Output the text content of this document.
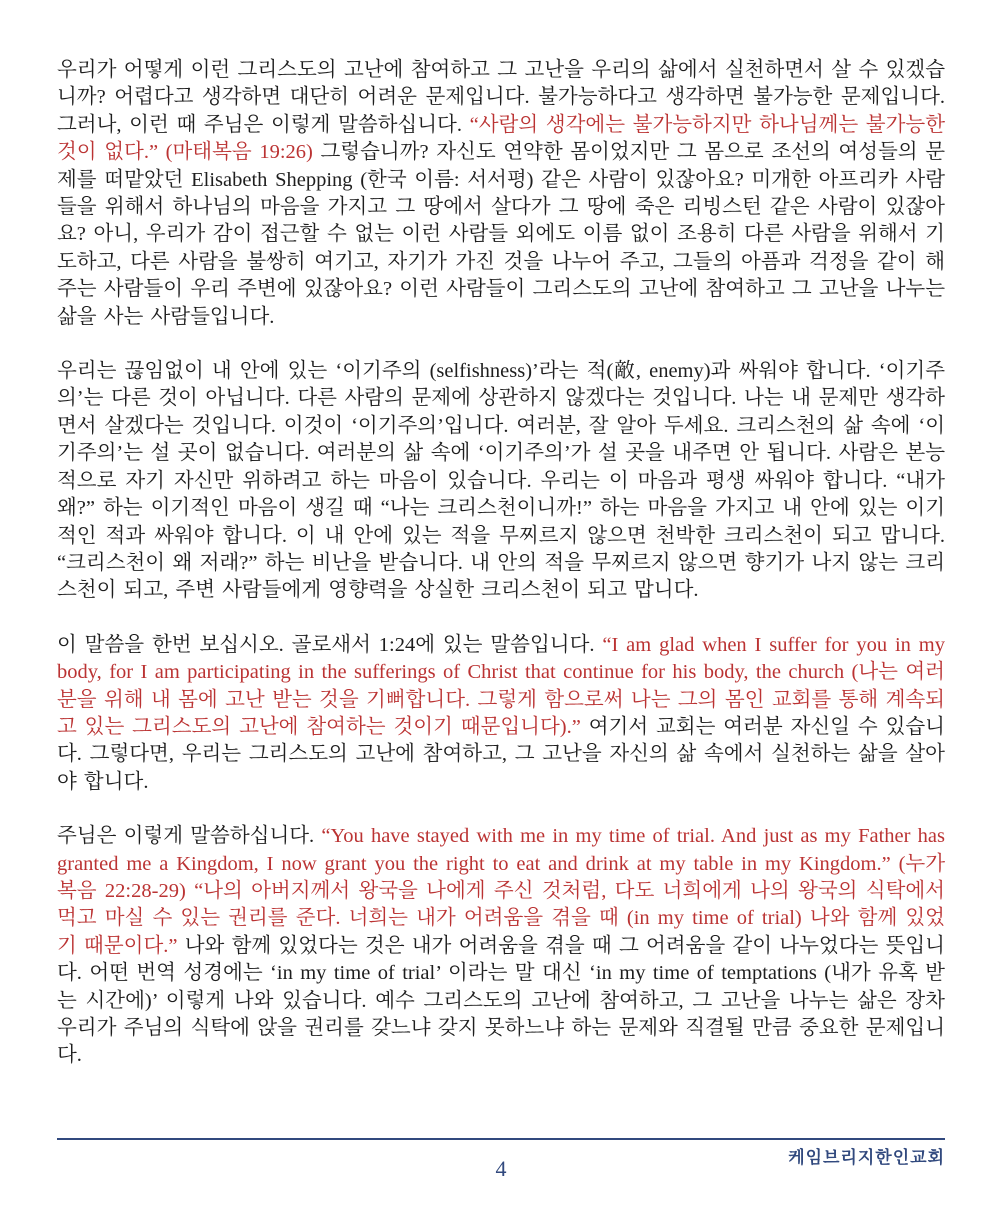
우리가 어떻게 이런 그리스도의 고난에 참여하고 그 고난을 우리의 삶에서 실천하면서 살 수 있겠습니까? 어렵다고 생각하면 대단히 어려운 문제입니다. 불가능하다고 생각하면 불가능한 문제입니다. 그러나, 이런 때 주님은 이렇게 말씀하십니다. “사람의 생각에는 불가능하지만 하나님께는 불가능한 것이 없다.” (마태복음 19:26) 그렇습니까? 자신도 연약한 몸이었지만 그 몸으로 조선의 여성들의 문제를 떠맡았던 Elisabeth Shepping (한국 이름: 서서평) 같은 사람이 있잖아요? 미개한 아프리카 사람들을 위해서 하나님의 마음을 가지고 그 땅에서 살다가 그 땅에 죽은 리빙스턴 같은 사람이 있잖아요? 아니, 우리가 감이 접근할 수 없는 이런 사람들 외에도 이름 없이 조용히 다른 사람을 위해서 기도하고, 다른 사람을 불쌍히 여기고, 자기가 가진 것을 나누어 주고, 그들의 아픔과 걱정을 같이 해 주는 사람들이 우리 주변에 있잖아요? 이런 사람들이 그리스도의 고난에 참여하고 그 고난을 나누는 삶을 사는 사람들입니다.

우리는 끊임없이 내 안에 있는 ‘이기주의 (selfishness)’라는 적(敵, enemy)과 싸워야 합니다. ‘이기주의’는 다른 것이 아닙니다. 다른 사람의 문제에 상관하지 않겠다는 것입니다. 나는 내 문제만 생각하면서 살겠다는 것입니다. 이것이 ‘이기주의’입니다. 여러분, 잘 알아 두세요. 크리스천의 삶 속에 ‘이기주의’는 설 곳이 없습니다. 여러분의 삶 속에 ‘이기주의’가 설 곳을 내주면 안 됩니다. 사람은 본능적으로 자기 자신만 위하려고 하는 마음이 있습니다. 우리는 이 마음과 평생 싸워야 합니다. “내가 왜?” 하는 이기적인 마음이 생길 때 “나는 크리스천이니까!” 하는 마음을 가지고 내 안에 있는 이기적인 적과 싸워야 합니다. 이 내 안에 있는 적을 무찌르지 않으면 천박한 크리스천이 되고 맙니다. “크리스천이 왜 저래?” 하는 비난을 받습니다. 내 안의 적을 무찌르지 않으면 향기가 나지 않는 크리스천이 되고, 주변 사람들에게 영향력을 상실한 크리스천이 되고 맙니다.

이 말씀을 한번 보십시오. 골로새서 1:24에 있는 말씀입니다. “I am glad when I suffer for you in my body, for I am participating in the sufferings of Christ that continue for his body, the church (나는 여러분을 위해 내 몸에 고난 받는 것을 기뻐합니다. 그렇게 함으로써 나는 그의 몸인 교회를 통해 계속되고 있는 그리스도의 고난에 참여하는 것이기 때문입니다).” 여기서 교회는 여러분 자신일 수 있습니다. 그렇다면, 우리는 그리스도의 고난에 참여하고, 그 고난을 자신의 삶 속에서 실천하는 삶을 살아야 합니다.

주님은 이렇게 말씀하십니다. “You have stayed with me in my time of trial. And just as my Father has granted me a Kingdom, I now grant you the right to eat and drink at my table in my Kingdom.” (누가복음 22:28-29) “나의 아버지께서 왕국을 나에게 주신 것처럼, 다도 너희에게 나의 왕국의 식탁에서 먹고 마실 수 있는 권리를 준다. 너희는 내가 어려움을 겪을 때 (in my time of trial) 나와 함께 있었기 때문이다.” 나와 함께 있었다는 것은 내가 어려움을 겪을 때 그 어려움을 같이 나누었다는 뜻입니다. 어떤 번역 성경에는 ‘in my time of trial’ 이라는 말 대신 ‘in my time of temptations (내가 유혹 받는 시간에)’ 이렇게 나와 있습니다. 예수 그리스도의 고난에 참여하고, 그 고난을 나누는 삶은 장차 우리가 주님의 식탁에 앉을 권리를 갖느냐 갖지 못하느냐 하는 문제와 직결될 만큼 중요한 문제입니다.

케임브리지한인교회
4
